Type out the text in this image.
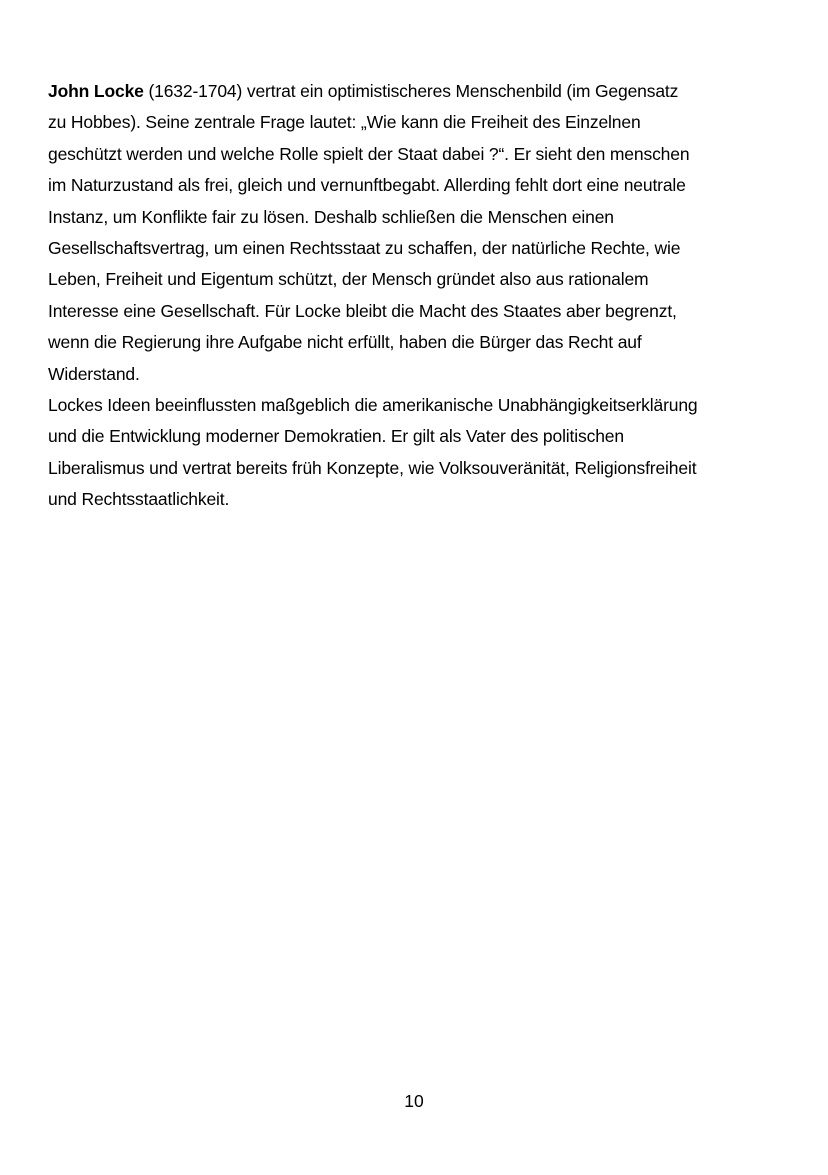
John Locke (1632-1704) vertrat ein optimistischeres Menschenbild (im Gegensatz
zu Hobbes). Seine zentrale Frage lautet: „Wie kann die Freiheit des Einzelnen
geschützt werden und welche Rolle spielt der Staat dabei ?“. Er sieht den menschen
im Naturzustand als frei, gleich und vernunftbegabt. Allerding fehlt dort eine neutrale
Instanz, um Konflikte fair zu lösen. Deshalb schließen die Menschen einen
Gesellschaftsvertrag, um einen Rechtsstaat zu schaffen, der natürliche Rechte, wie
Leben, Freiheit und Eigentum schützt, der Mensch gründet also aus rationalem
Interesse eine Gesellschaft. Für Locke bleibt die Macht des Staates aber begrenzt,
wenn die Regierung ihre Aufgabe nicht erfüllt, haben die Bürger das Recht auf
Widerstand.
Lockes Ideen beeinflussten maßgeblich die amerikanische Unabhängigkeitserklärung
und die Entwicklung moderner Demokratien. Er gilt als Vater des politischen
Liberalismus und vertrat bereits früh Konzepte, wie Volksouveränität, Religionsfreiheit
und Rechtsstaatlichkeit.
10
